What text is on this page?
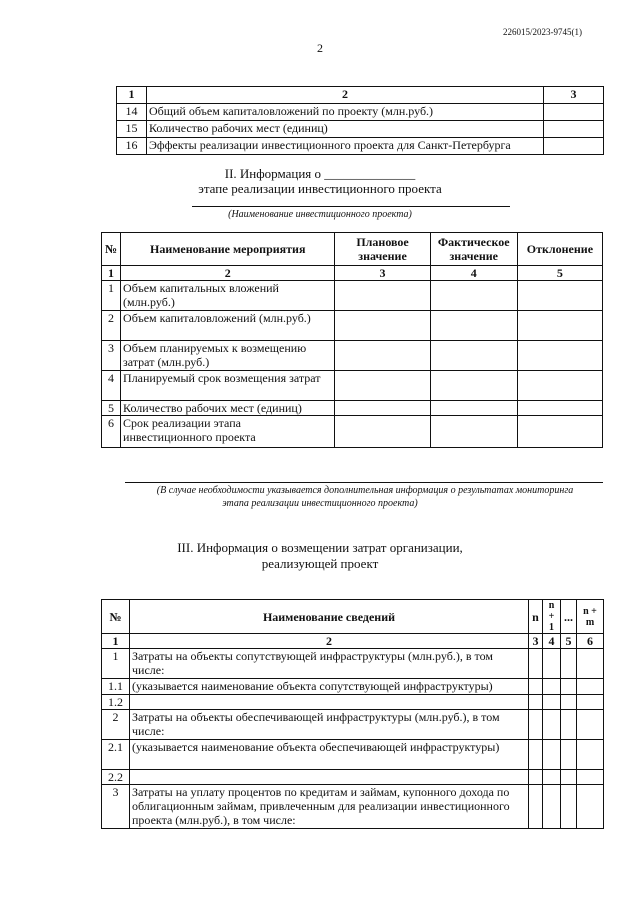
226015/2023-9745(1)
2
1	2	3
14	Общий объем капиталовложений по проекту (млн.руб.)	
15	Количество рабочих мест (единиц)	
16	Эффекты реализации инвестиционного проекта для Санкт-Петербурга	
II. Информация о ______________
этапе реализации инвестиционного проекта
(Наименование инвестиционного проекта)
№	Наименование мероприятия	Плановое значение	Фактическое значение	Отклонение
1	2	3	4	5
1	Объем капитальных вложений (млн.руб.)			
2	Объем капиталовложений (млн.руб.)			
3	Объем планируемых к возмещению затрат (млн.руб.)			
4	Планируемый срок возмещения затрат			
5	Количество рабочих мест (единиц)			
6	Срок реализации этапа инвестиционного проекта			
(В случае необходимости указывается дополнительная информация о результатах мониторинга
этапа реализации инвестиционного проекта)
III. Информация о возмещении затрат организации,
реализующей проект
№	Наименование сведений	n	n + 1	...	n + m
1	2	3	4	5	6
1	Затраты на объекты сопутствующей инфраструктуры (млн.руб.), в том числе:				
1.1	(указывается наименование объекта сопутствующей инфраструктуры)				
1.2					
2	Затраты на объекты обеспечивающей инфраструктуры (млн.руб.), в том числе:				
2.1	(указывается наименование объекта обеспечивающей инфраструктуры)				
2.2					
3	Затраты на уплату процентов по кредитам и займам, купонного дохода по облигационным займам, привлеченным для реализации инвестиционного проекта (млн.руб.), в том числе:				
